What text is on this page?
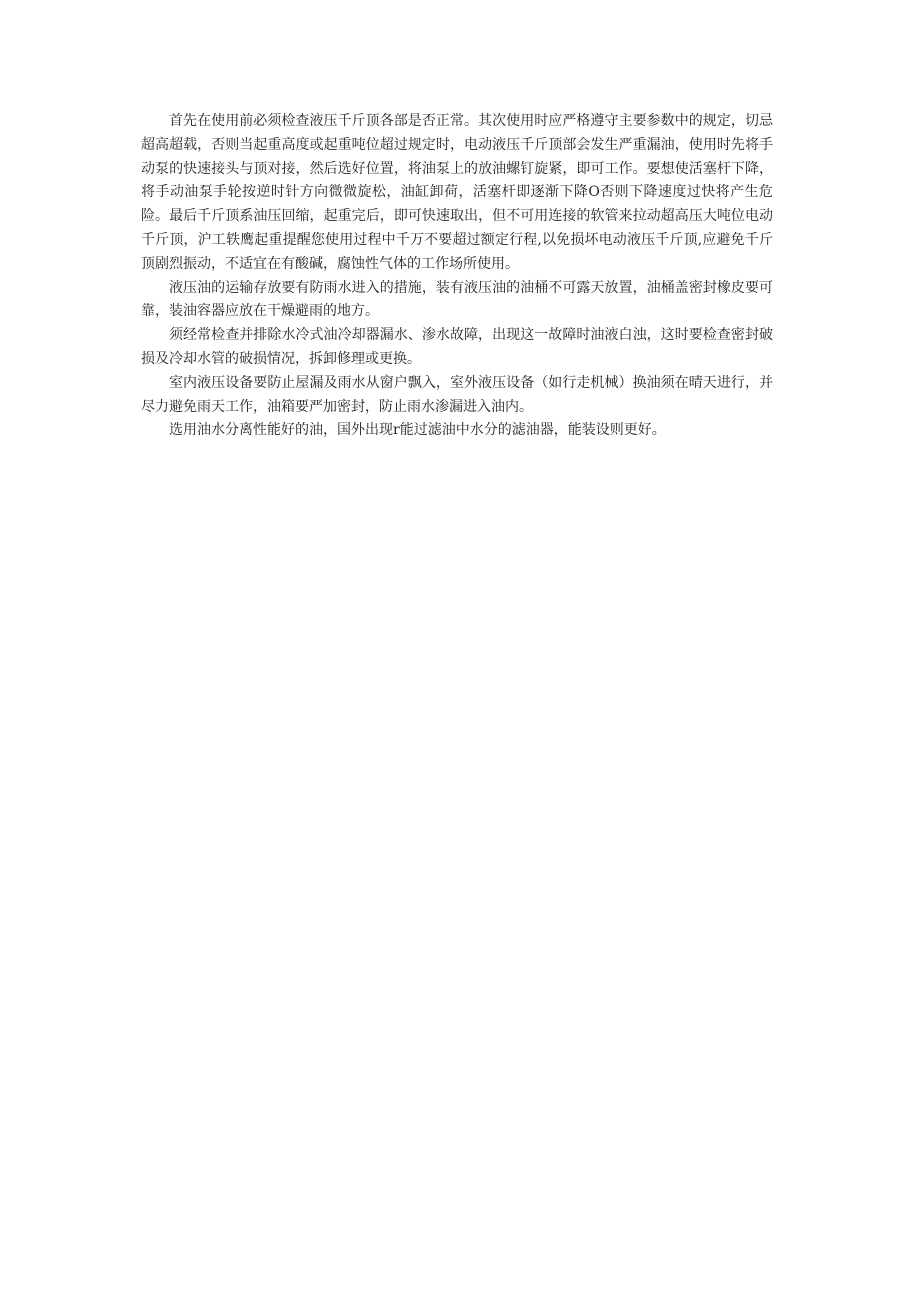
首先在使用前必须检查液压千斤顶各部是否正常。其次使用时应严格遵守主要参数中的规定，切忌超高超载，否则当起重高度或起重吨位超过规定时，电动液压千斤顶部会发生严重漏油，使用时先将手动泵的快速接头与顶对接，然后选好位置，将油泵上的放油螺钉旋紧，即可工作。要想使活塞杆下降，将手动油泵手轮按逆时针方向微微旋松，油缸卸荷，活塞杆即逐渐下降O否则下降速度过快将产生危险。最后千斤顶系油压回缩，起重完后，即可快速取出，但不可用连接的软管来拉动超高压大吨位电动千斤顶，沪工轶鹰起重提醒您使用过程中千万不要超过额定行程,以免损坏电动液压千斤顶,应避免千斤顶剧烈振动，不适宜在有酸碱，腐蚀性气体的工作场所使用。

液压油的运输存放要有防雨水进入的措施，装有液压油的油桶不可露天放置，油桶盖密封橡皮要可靠，装油容器应放在干燥避雨的地方。

须经常检查并排除水冷式油冷却器漏水、渗水故障，出现这一故障时油液白浊，这时要检查密封破损及冷却水管的破损情况，拆卸修理或更换。

室内液压设备要防止屋漏及雨水从窗户飘入，室外液压设备（如行走机械）换油须在晴天进行，并尽力避免雨天工作，油箱要严加密封，防止雨水渗漏进入油内。

选用油水分离性能好的油，国外出现r能过滤油中水分的滤油器，能装设则更好。
